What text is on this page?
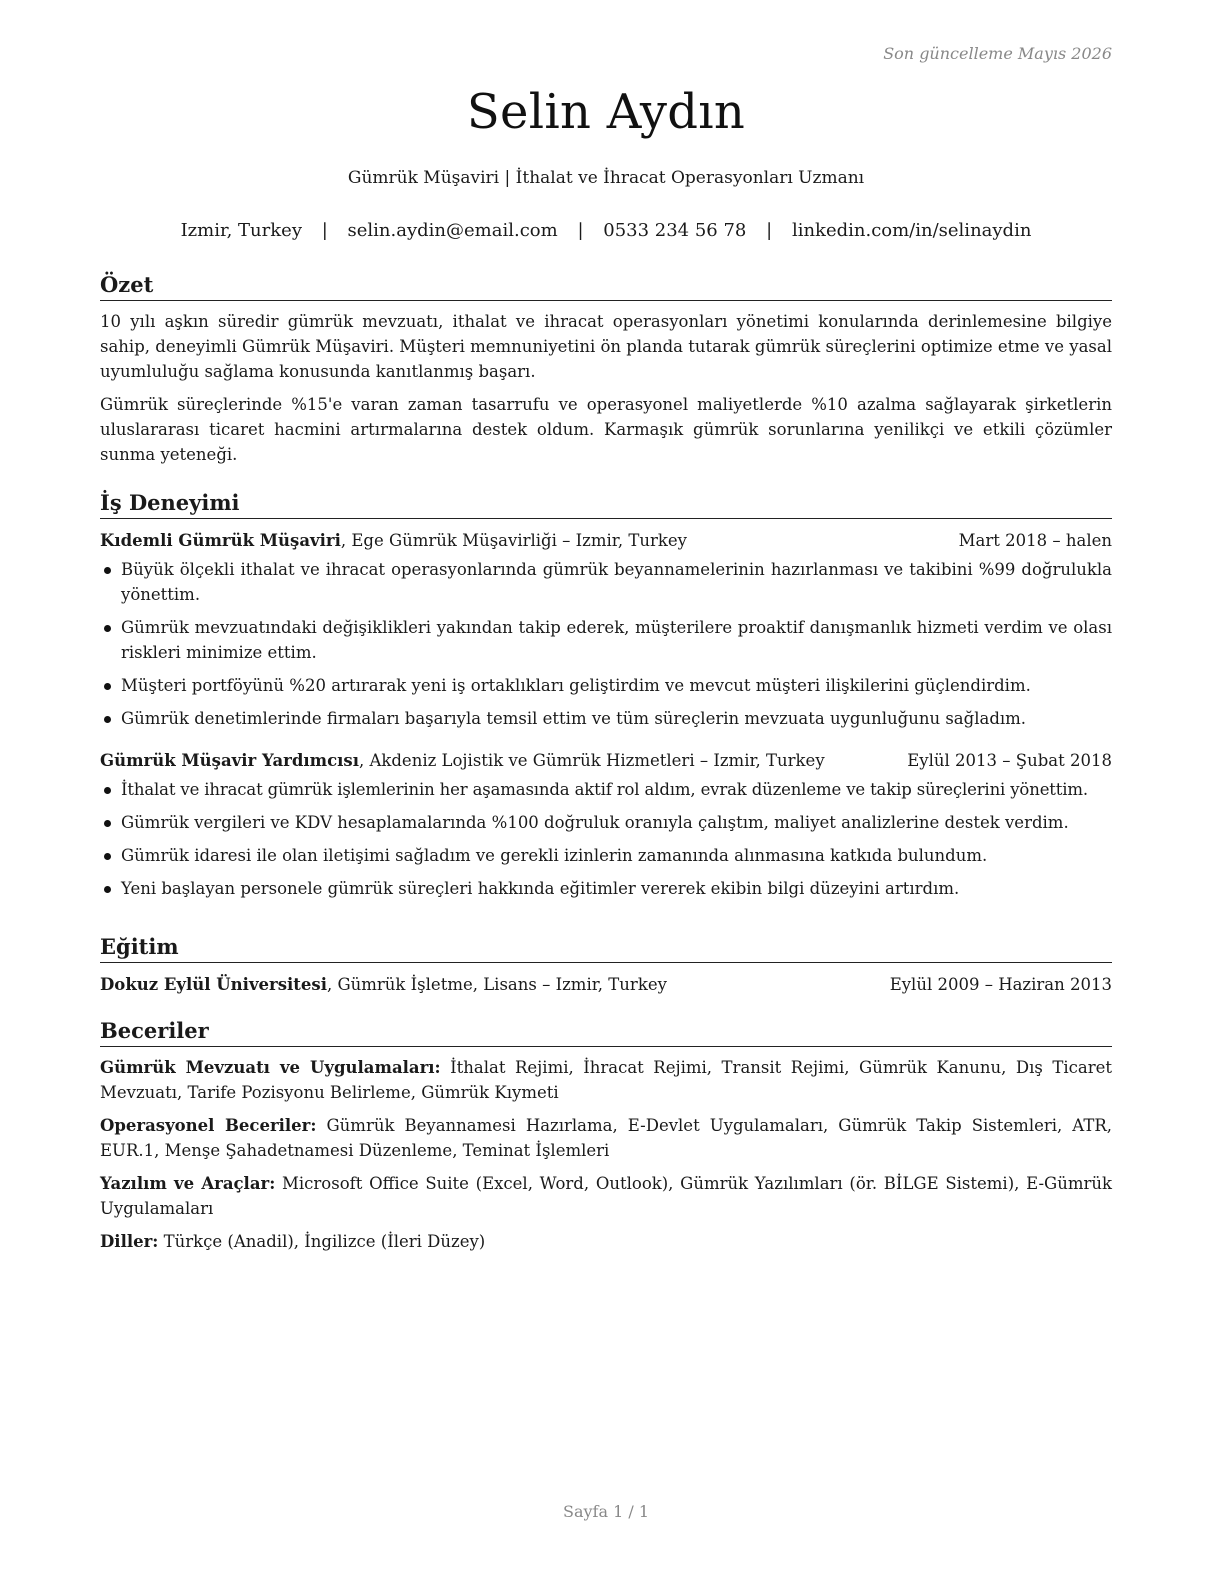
Son güncelleme Mayıs 2026
Selin Aydın
Gümrük Müşaviri | İthalat ve İhracat Operasyonları Uzmanı
Izmir, Turkey | selin.aydin@email.com | 0533 234 56 78 | linkedin.com/in/selinaydin
Özet

10 yılı aşkın süredir gümrük mevzuatı, ithalat ve ihracat operasyonları yönetimi konularında derinlemesine bilgiye sahip, deneyimli Gümrük Müşaviri. Müşteri memnuniyetini ön planda tutarak gümrük süreçlerini optimize etme ve yasal uyumluluğu sağlama konusunda kanıtlanmış başarı.

Gümrük süreçlerinde %15'e varan zaman tasarrufu ve operasyonel maliyetlerde %10 azalma sağlayarak şirketlerin uluslararası ticaret hacmini artırmalarına destek oldum. Karmaşık gümrük sorunlarına yenilikçi ve etkili çözümler sunma yeteneği.

İş Deneyimi
Kıdemli Gümrük Müşaviri, Ege Gümrük Müşavirliği – Izmir, Turkey	Mart 2018 – halen
Büyük ölçekli ithalat ve ihracat operasyonlarında gümrük beyannamelerinin hazırlanması ve takibini %99 doğrulukla yönettim.
Gümrük mevzuatındaki değişiklikleri yakından takip ederek, müşterilere proaktif danışmanlık hizmeti verdim ve olası riskleri minimize ettim.
Müşteri portföyünü %20 artırarak yeni iş ortaklıkları geliştirdim ve mevcut müşteri ilişkilerini güçlendirdim.
Gümrük denetimlerinde firmaları başarıyla temsil ettim ve tüm süreçlerin mevzuata uygunluğunu sağladım.
Gümrük Müşavir Yardımcısı, Akdeniz Lojistik ve Gümrük Hizmetleri – Izmir, Turkey	Eylül 2013 – Şubat 2018
İthalat ve ihracat gümrük işlemlerinin her aşamasında aktif rol aldım, evrak düzenleme ve takip süreçlerini yönettim.
Gümrük vergileri ve KDV hesaplamalarında %100 doğruluk oranıyla çalıştım, maliyet analizlerine destek verdim.
Gümrük idaresi ile olan iletişimi sağladım ve gerekli izinlerin zamanında alınmasına katkıda bulundum.
Yeni başlayan personele gümrük süreçleri hakkında eğitimler vererek ekibin bilgi düzeyini artırdım.
Eğitim
Dokuz Eylül Üniversitesi, Gümrük İşletme, Lisans – Izmir, Turkey	Eylül 2009 – Haziran 2013
Beceriler
Gümrük Mevzuatı ve Uygulamaları: İthalat Rejimi, İhracat Rejimi, Transit Rejimi, Gümrük Kanunu, Dış Ticaret Mevzuatı, Tarife Pozisyonu Belirleme, Gümrük Kıymeti
Operasyonel Beceriler: Gümrük Beyannamesi Hazırlama, E-Devlet Uygulamaları, Gümrük Takip Sistemleri, ATR, EUR.1, Menşe Şahadetnamesi Düzenleme, Teminat İşlemleri
Yazılım ve Araçlar: Microsoft Office Suite (Excel, Word, Outlook), Gümrük Yazılımları (ör. BİLGE Sistemi), E-Gümrük Uygulamaları
Diller: Türkçe (Anadil), İngilizce (İleri Düzey)
Sayfa 1 / 1
